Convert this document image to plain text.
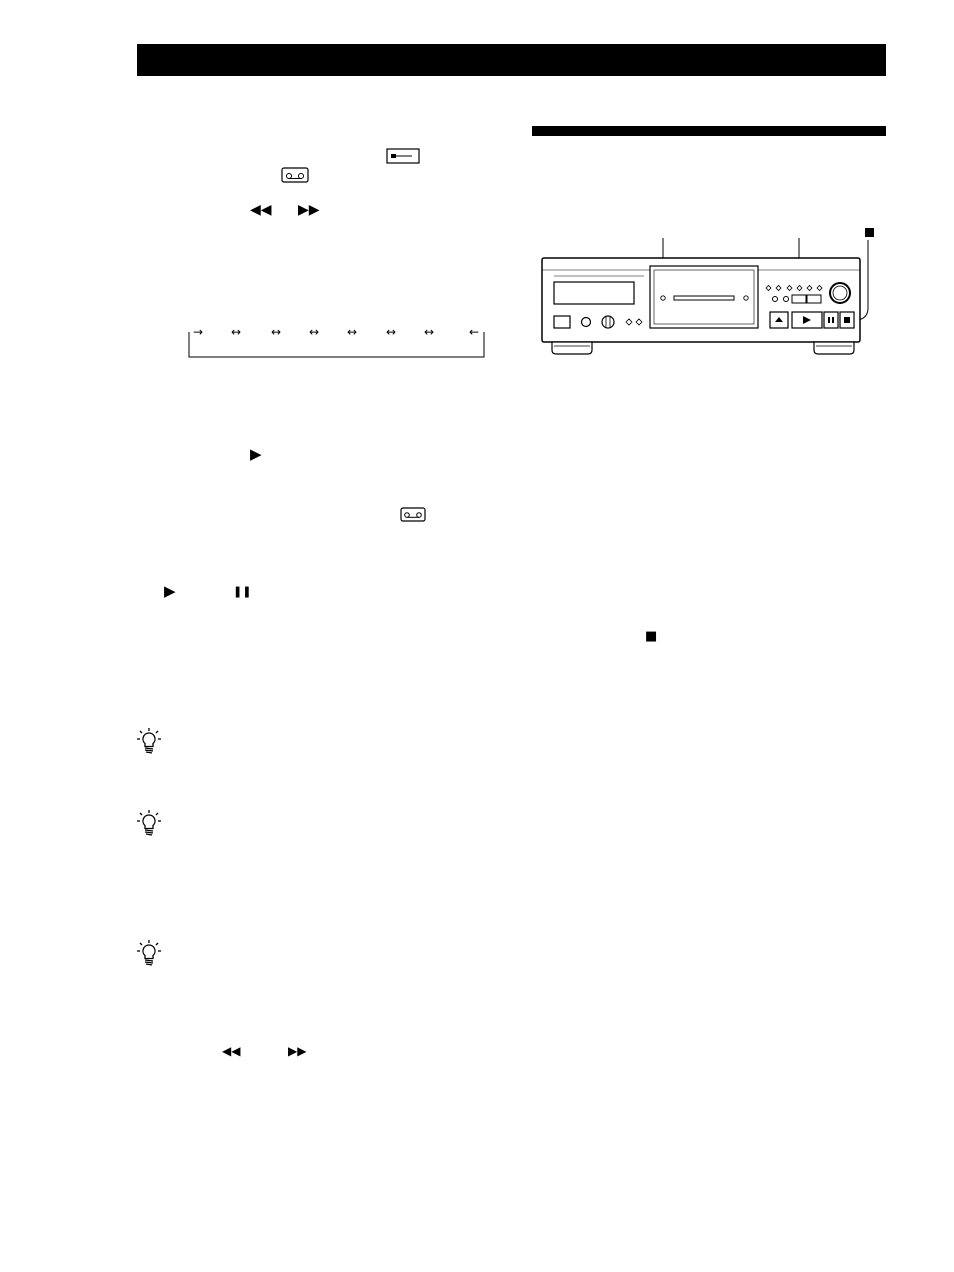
◀◀ ▶▶
→ ↔ ↔ ↔ ↔ ↔ ↔	←
▶
▶	❚❚
◀◀	▶▶
■
